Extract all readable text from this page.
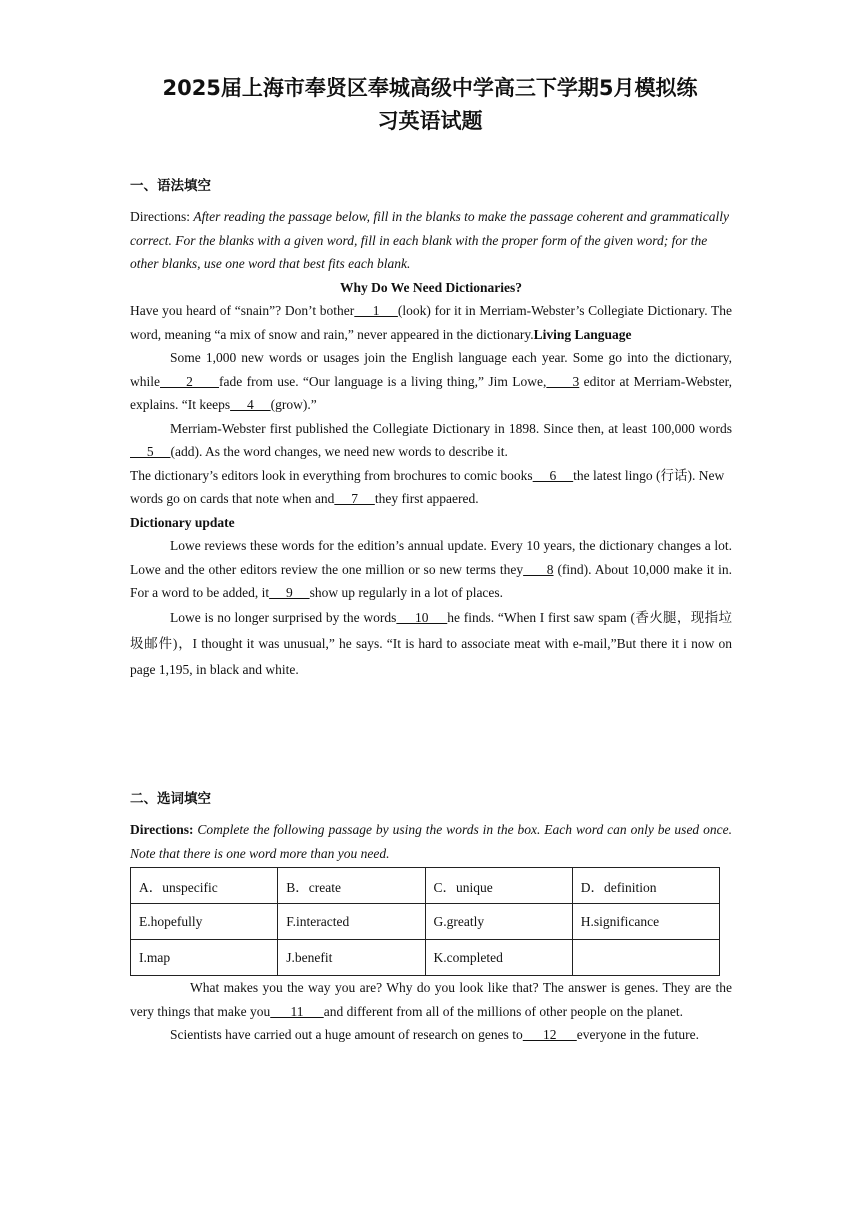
2025届上海市奉贤区奉城高级中学高三下学期5月模拟练
习英语试题
一、语法填空

Directions: After reading the passage below, fill in the blanks to make the passage coherent and grammatically correct. For the blanks with a given word, fill in each blank with the proper form of the given word; for the other blanks, use one word that best fits each blank.

Why Do We Need Dictionaries?

Have you heard of “snain”? Don’t bother     1     (look) for it in Merriam-Webster’s Collegiate Dictionary. The word, meaning “a mix of snow and rain,” never appeared in the dictionary.Living Language

Some 1,000 new words or usages join the English language each year. Some go into the dictionary, while      2      fade from use. “Our language is a living thing,” Jim Lowe,      3 editor at Merriam-Webster, explains. “It keeps     4     (grow).”

Merriam-Webster first published the Collegiate Dictionary in 1898. Since then, at least 100,000 words     5     (add). As the word changes, we need new words to describe it.

The dictionary’s editors look in everything from brochures to comic books     6     the latest lingo (行话). New words go on cards that note when and     7     they first appaered.

Dictionary update

Lowe reviews these words for the edition’s annual update. Every 10 years, the dictionary changes a lot. Lowe and the other editors review the one million or so new terms they      8 (find). About 10,000 make it in. For a word to be added, it     9     show up regularly in a lot of places.

Lowe is no longer surprised by the words     10     he finds. “When I first saw spam (香火腿，现指垃圾邮件)，I thought it was unusual,” he says. “It is hard to associate meat with e-mail,”But there it i now on page 1,195, in black and white.

二、选词填空

Directions: Complete the following passage by using the words in the box. Each word can only be used once. Note that there is one word more than you need.

A．unspecific	B．create	C．unique	D．definition
E.hopefully	F.interacted	G.greatly	H.significance
I.map	J.benefit	K.completed	

What makes you the way you are? Why do you look like that? The answer is genes. They are the very things that make you      11      and different from all of the millions of other people on the planet.

Scientists have carried out a huge amount of research on genes to      12      everyone in the future.
